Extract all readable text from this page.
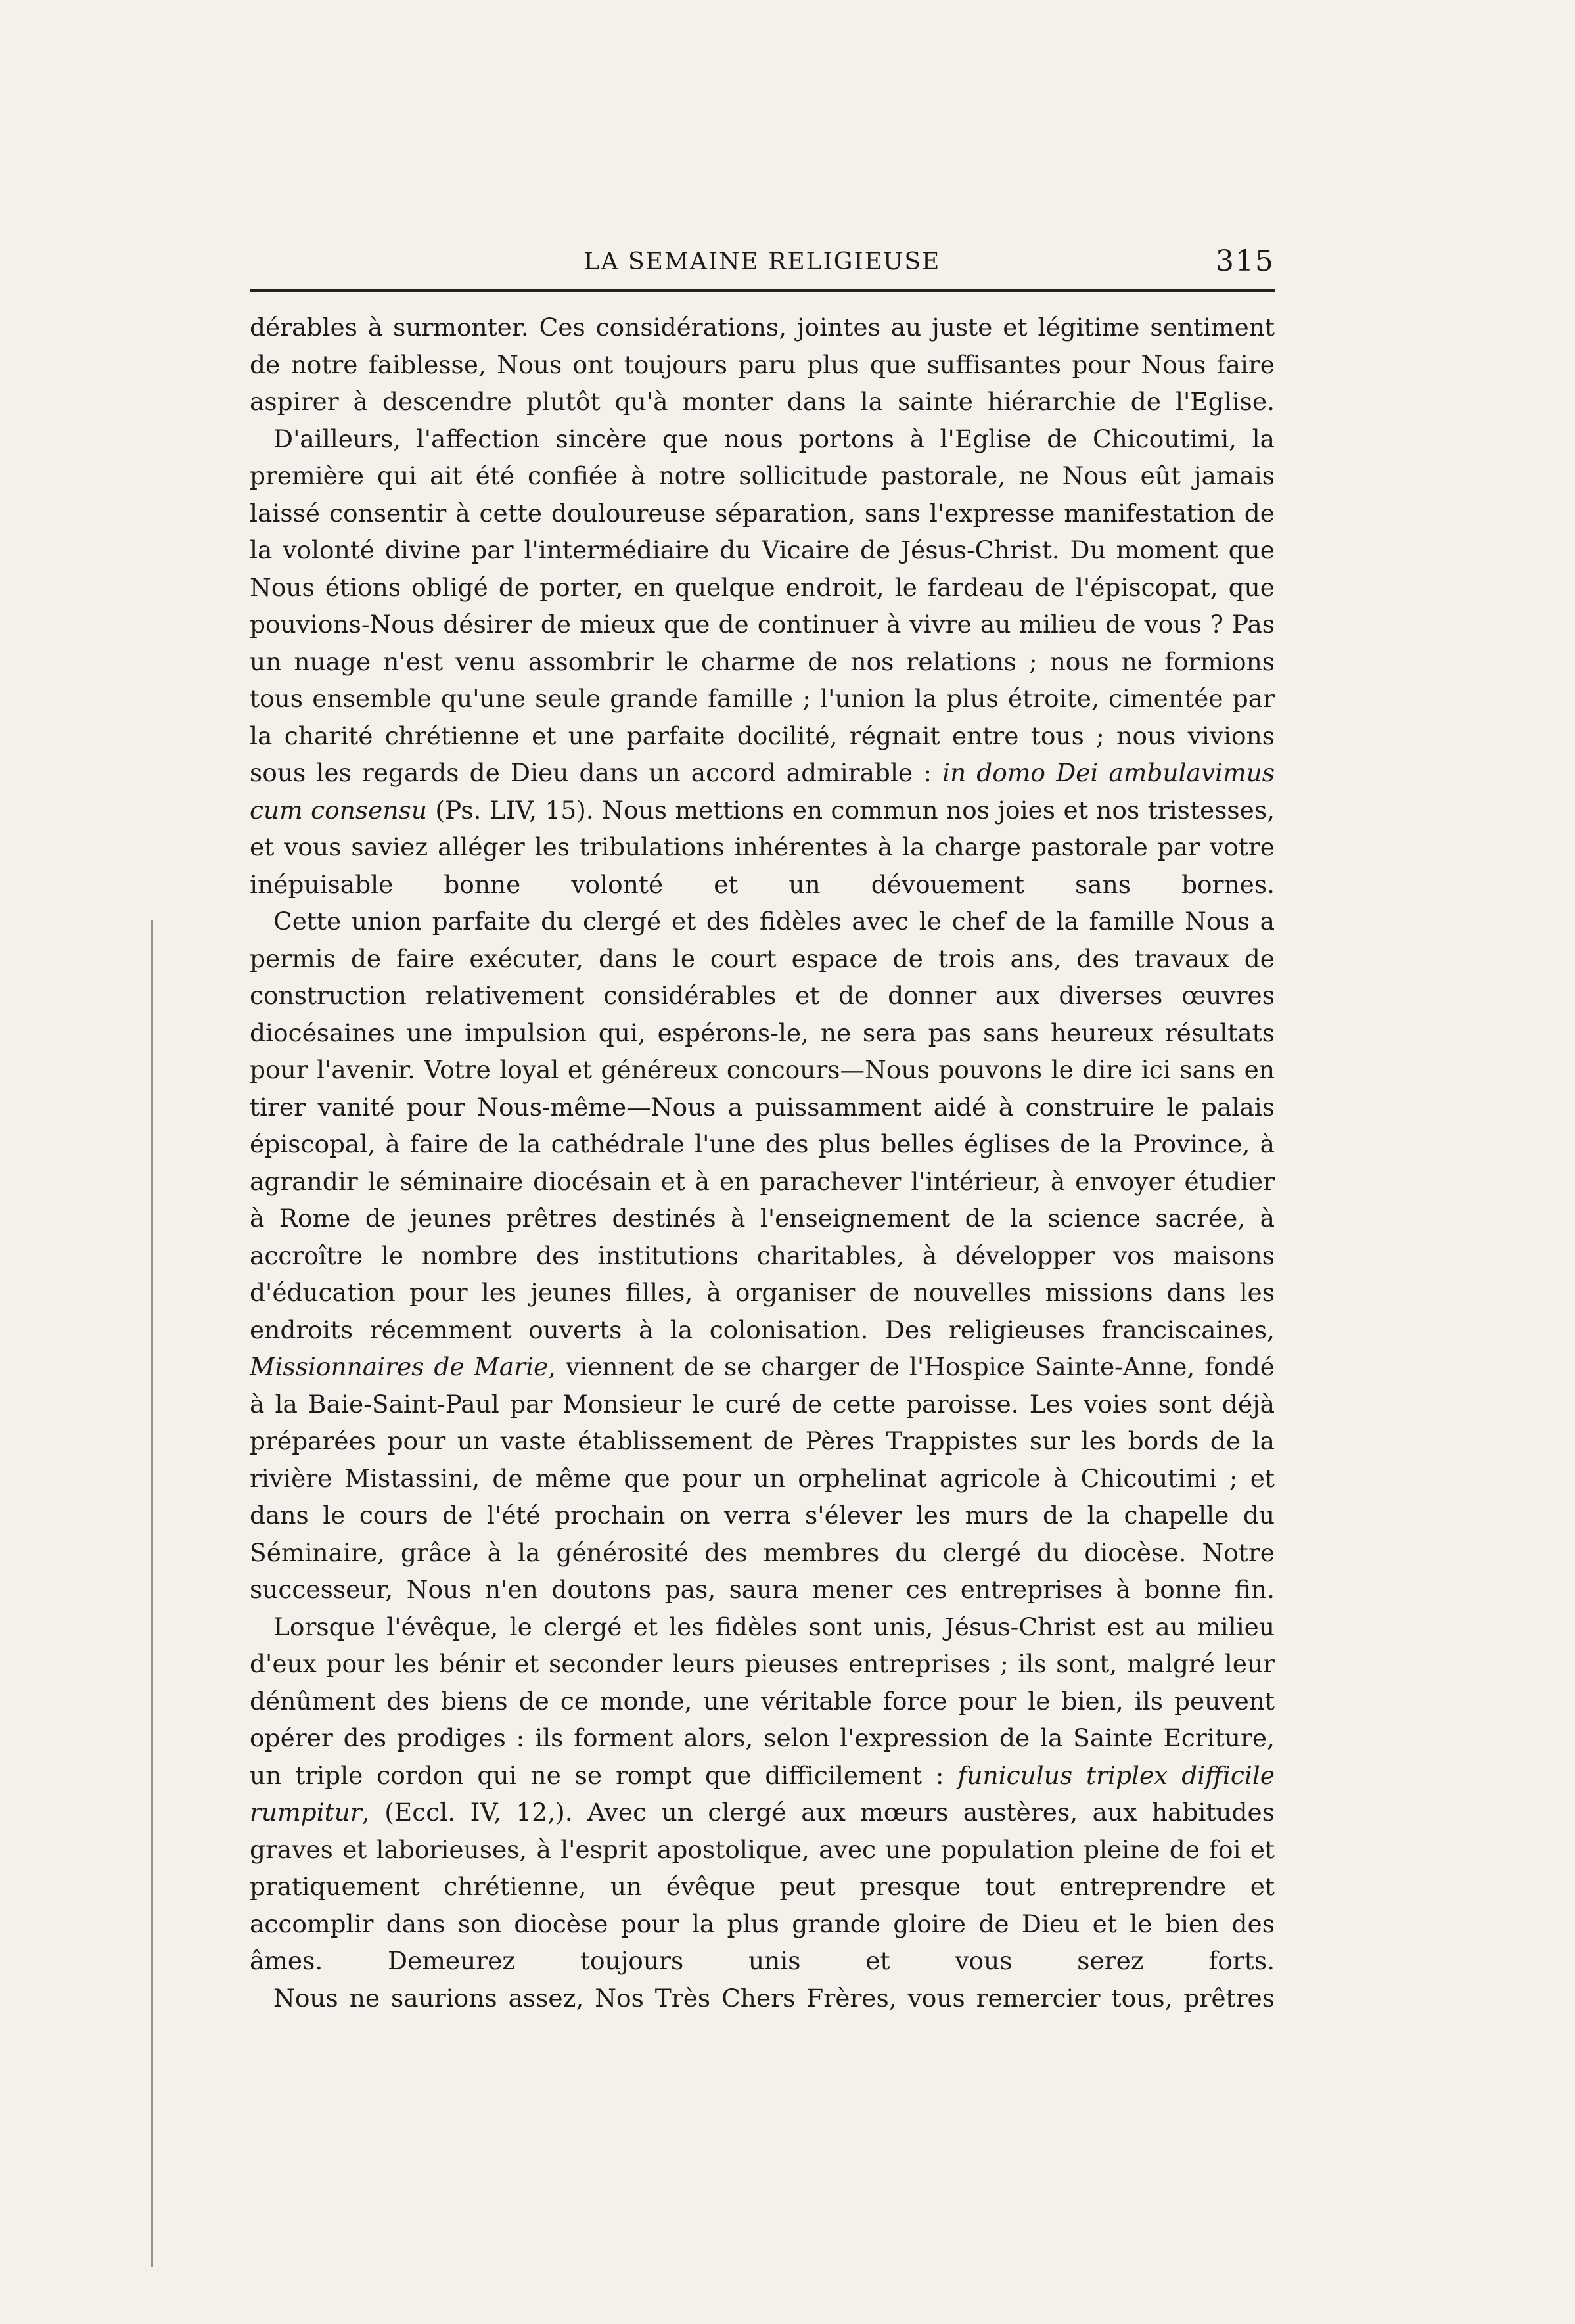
LA SEMAINE RELIGIEUSE	315

dérables à surmonter. Ces considérations, jointes au juste et légitime sentiment de notre faiblesse, Nous ont toujours paru plus que suffisantes pour Nous faire aspirer à descendre plutôt qu'à monter dans la sainte hiérarchie de l'Eglise.

D'ailleurs, l'affection sincère que nous portons à l'Eglise de Chicoutimi, la première qui ait été confiée à notre sollicitude pastorale, ne Nous eût jamais laissé consentir à cette douloureuse séparation, sans l'expresse manifestation de la volonté divine par l'intermédiaire du Vicaire de Jésus-Christ. Du moment que Nous étions obligé de porter, en quelque endroit, le fardeau de l'épiscopat, que pouvions-Nous désirer de mieux que de continuer à vivre au milieu de vous ? Pas un nuage n'est venu assombrir le charme de nos relations ; nous ne formions tous ensemble qu'une seule grande famille ; l'union la plus étroite, cimentée par la charité chrétienne et une parfaite docilité, régnait entre tous ; nous vivions sous les regards de Dieu dans un accord admirable : in domo Dei ambulavimus cum consensu (Ps. LIV, 15). Nous mettions en commun nos joies et nos tristesses, et vous saviez alléger les tribulations inhérentes à la charge pastorale par votre inépuisable bonne volonté et un dévouement sans bornes.

Cette union parfaite du clergé et des fidèles avec le chef de la famille Nous a permis de faire exécuter, dans le court espace de trois ans, des travaux de construction relativement considérables et de donner aux diverses œuvres diocésaines une impulsion qui, espérons-le, ne sera pas sans heureux résultats pour l'avenir. Votre loyal et généreux concours—Nous pouvons le dire ici sans en tirer vanité pour Nous-même—Nous a puissamment aidé à construire le palais épiscopal, à faire de la cathédrale l'une des plus belles églises de la Province, à agrandir le séminaire diocésain et à en parachever l'intérieur, à envoyer étudier à Rome de jeunes prêtres destinés à l'enseignement de la science sacrée, à accroître le nombre des institutions charitables, à développer vos maisons d'éducation pour les jeunes filles, à organiser de nouvelles missions dans les endroits récemment ouverts à la colonisation. Des religieuses franciscaines, Missionnaires de Marie, viennent de se charger de l'Hospice Sainte-Anne, fondé à la Baie-Saint-Paul par Monsieur le curé de cette paroisse. Les voies sont déjà préparées pour un vaste établissement de Pères Trappistes sur les bords de la rivière Mistassini, de même que pour un orphelinat agricole à Chicoutimi ; et dans le cours de l'été prochain on verra s'élever les murs de la chapelle du Séminaire, grâce à la générosité des membres du clergé du diocèse. Notre successeur, Nous n'en doutons pas, saura mener ces entreprises à bonne fin.

Lorsque l'évêque, le clergé et les fidèles sont unis, Jésus-Christ est au milieu d'eux pour les bénir et seconder leurs pieuses entreprises ; ils sont, malgré leur dénûment des biens de ce monde, une véritable force pour le bien, ils peuvent opérer des prodiges : ils forment alors, selon l'expression de la Sainte Ecriture, un triple cordon qui ne se rompt que difficilement : funiculus triplex difficile rumpitur, (Eccl. IV, 12,). Avec un clergé aux mœurs austères, aux habitudes graves et laborieuses, à l'esprit apostolique, avec une population pleine de foi et pratiquement chrétienne, un évêque peut presque tout entreprendre et accomplir dans son diocèse pour la plus grande gloire de Dieu et le bien des âmes. Demeurez toujours unis et vous serez forts.

Nous ne saurions assez, Nos Très Chers Frères, vous remercier tous, prêtres
